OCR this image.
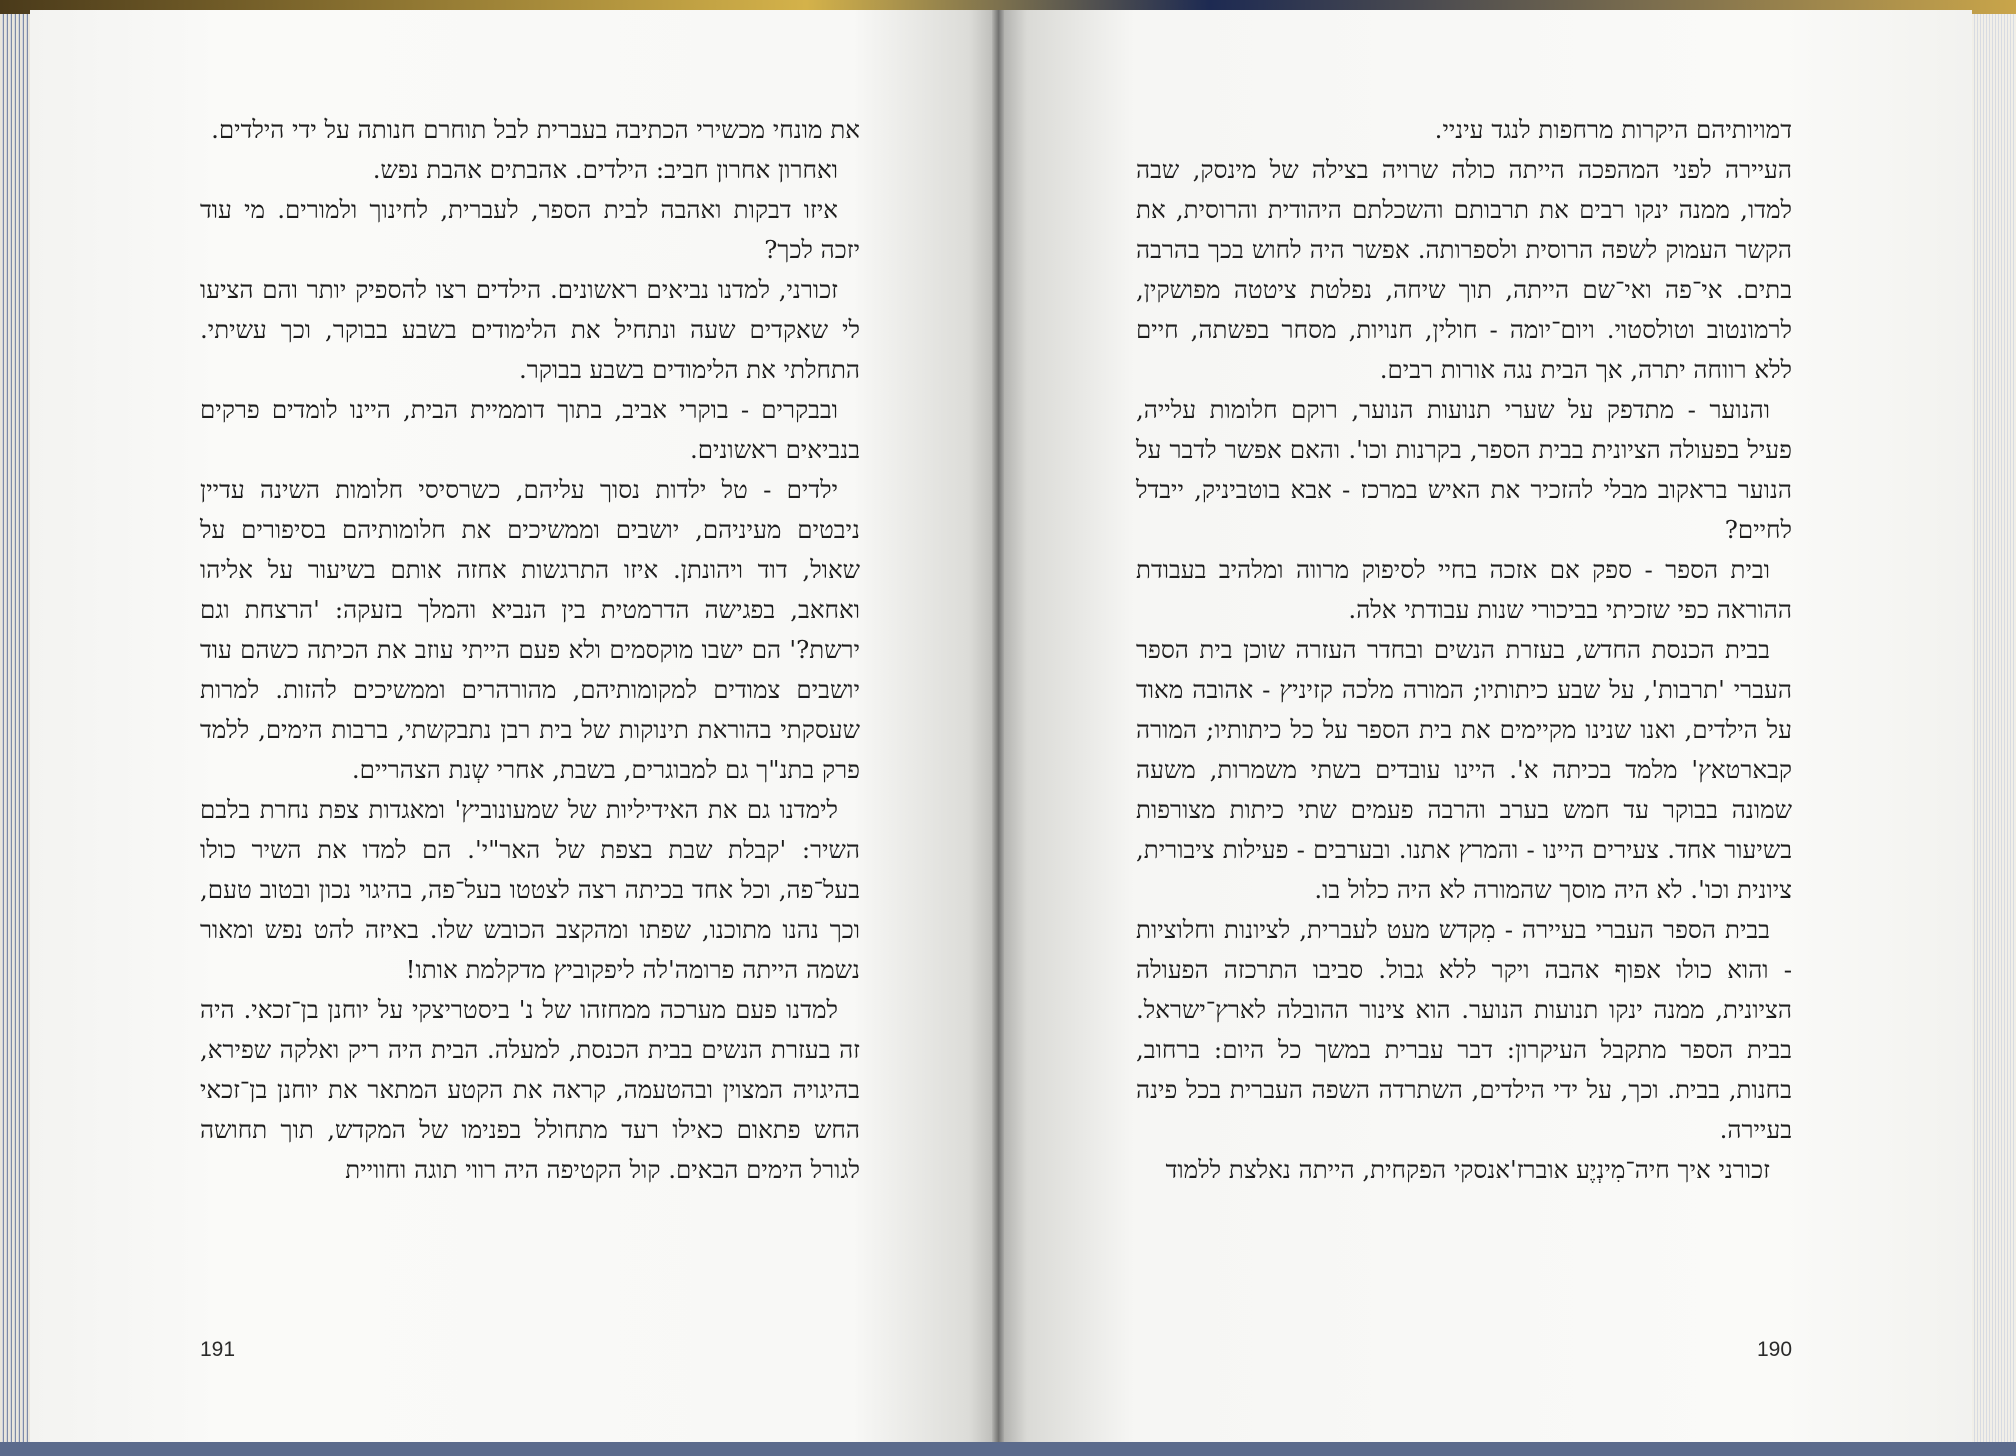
את מונחי מכשירי הכתיבה בעברית לבל תוחרם חנותה על ידי הילדים.

ואחרון אחרון חביב: הילדים. אהבתים אהבת נפש.

איזו דבקות ואהבה לבית הספר, לעברית, לחינוך ולמורים. מי עוד יזכה לכך?

זכורני, למדנו נביאים ראשונים. הילדים רצו להספיק יותר והם הציעו לי שאקדים שעה ונתחיל את הלימודים בשבע בבוקר, וכך עשיתי. התחלתי את הלימודים בשבע בבוקר.

ובבקרים - בוקרי אביב, בתוך דוממיית הבית, היינו לומדים פרקים בנביאים ראשונים.

ילדים - טל ילדות נסוך עליהם, כשרסיסי חלומות השינה עדיין ניבטים מעיניהם, יושבים וממשיכים את חלומותיהם בסיפורים על שאול, דוד ויהונתן. איזו התרגשות אחזה אותם בשיעור על אליהו ואחאב, בפגישה הדרמטית בין הנביא והמלך בזעקה: 'הרצחת וגם ירשת?' הם ישבו מוקסמים ולא פעם הייתי עוזב את הכיתה כשהם עוד יושבים צמודים למקומותיהם, מהורהרים וממשיכים להזות. למרות שעסקתי בהוראת תינוקות של בית רבן נתבקשתי, ברבות הימים, ללמד פרק בתנ"ך גם למבוגרים, בשבת, אחרי שְנת הצהריים.

לימדנו גם את האידיליות של שמעונוביץ' ומאגדות צפת נחרת בלבם השיר: 'קבלת שבת בצפת של האר"י'. הם למדו את השיר כולו בעל־פה, וכל אחד בכיתה רצה לצטטו בעל־פה, בהיגוי נכון ובטוב טעם, וכך נהנו מתוכנו, שפתו ומהקצב הכובש שלו. באיזה להט נפש ומאור נשמה הייתה פרומה'לה ליפקוביץ מדקלמת אותו!

למדנו פעם מערכה ממחזהו של נ' ביסטריצקי על יוחנן בן־זכאי. היה זה בעזרת הנשים בבית הכנסת, למעלה. הבית היה ריק ואלקה שפירא, בהיגויה המצוין ובהטעמה, קראה את הקטע המתאר את יוחנן בן־זכאי החש פתאום כאילו רעד מתחולל בפנימו של המקדש, תוך תחושה לגורל הימים הבאים. קול הקטיפה היה רווי תוגה וחוויית

דמויותיהם היקרות מרחפות לנגד עיניי.

העיירה לפני המהפכה הייתה כולה שרויה בצילה של מינסק, שבה למדו, ממנה ינקו רבים את תרבותם והשכלתם היהודית והרוסית, את הקשר העמוק לשפה הרוסית ולספרותה. אפשר היה לחוש בכך בהרבה בתים. אי־פה ואי־שם הייתה, תוך שיחה, נפלטת ציטטה מפושקין, לרמונטוב וטולסטוי. ויום־יומה - חולין, חנויות, מסחר בפשתה, חיים ללא רווחה יתרה, אך הבית נגה אורות רבים.

והנוער - מתדפק על שערי תנועות הנוער, רוקם חלומות עלייה, פעיל בפעולה הציונית בבית הספר, בקרנות וכו'. והאם אפשר לדבר על הנוער בראקוב מבלי להזכיר את האיש במרכז - אבא בוטביניק, ייבדל לחיים?

ובית הספר - ספק אם אזכה בחיי לסיפוק מרווה ומלהיב בעבודת ההוראה כפי שזכיתי בביכורי שנות עבודתי אלה.

בבית הכנסת החדש, בעזרת הנשים ובחדר העזרה שוכן בית הספר העברי 'תרבות', על שבע כיתותיו; המורה מלכה קזיניץ - אהובה מאוד על הילדים, ואנו שנינו מקיימים את בית הספר על כל כיתותיו; המורה קבארטאץ' מלמד בכיתה א'. היינו עובדים בשתי משמרות, משעה שמונה בבוקר עד חמש בערב והרבה פעמים שתי כיתות מצורפות בשיעור אחד. צעירים היינו - והמרץ אתנו. ובערבים - פעילות ציבורית, ציונית וכו'. לא היה מוסך שהמורה לא היה כלול בו.

בבית הספר העברי בעיירה - מִקדש מעט לעברית, לציונות וחלוציות - והוא כולו אפוף אהבה ויקר ללא גבול. סביבו התרכזה הפעולה הציונית, ממנה ינקו תנועות הנוער. הוא צינור ההובלה לארץ־ישראל. בבית הספר מתקבל העיקרון: דבר עברית במשך כל היום: ברחוב, בחנות, בבית. וכך, על ידי הילדים, השתרדה השפה העברית בכל פינה בעיירה.

זכורני איך חיה־מִינְיֶע אוברז'אנסקי הפקחית, הייתה נאלצת ללמוד

191	190
